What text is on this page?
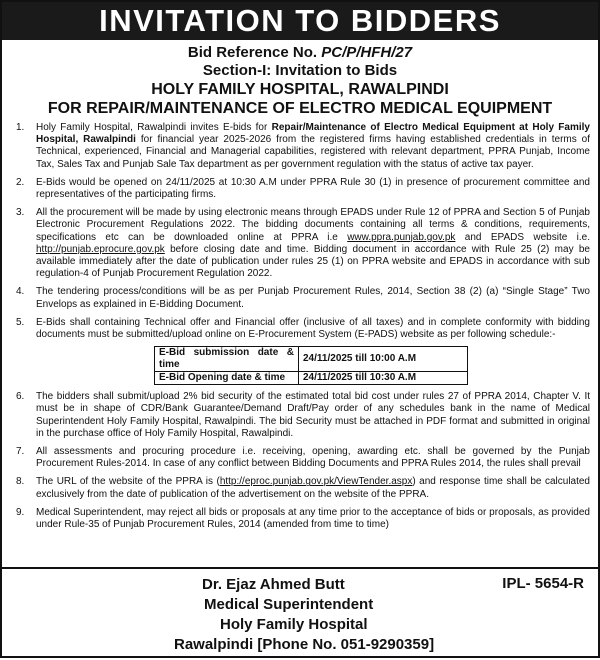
INVITATION TO BIDDERS
Bid Reference No. PC/P/HFH/27
Section-I: Invitation to Bids
HOLY FAMILY HOSPITAL, RAWALPINDI
FOR REPAIR/MAINTENANCE OF ELECTRO MEDICAL EQUIPMENT
1.	Holy Family Hospital, Rawalpindi invites E-bids for Repair/Maintenance of Electro Medical Equipment at Holy Family Hospital, Rawalpindi for financial year 2025-2026 from the registered firms having established credentials in terms of Technical, experienced, Financial and Managerial capabilities, registered with relevant department, PPRA Punjab, Income Tax, Sales Tax and Punjab Sale Tax department as per government regulation with the status of active tax payer.
2.	E-Bids would be opened on 24/11/2025 at 10:30 A.M under PPRA Rule 30 (1) in presence of procurement committee and representatives of the participating firms.
3.	All the procurement will be made by using electronic means through EPADS under Rule 12 of PPRA and Section 5 of Punjab Electronic Procurement Regulations 2022. The bidding documents containing all terms & conditions, requirements, specifications etc can be downloaded online at PPRA i.e www.ppra.punjab.gov.pk and EPADS website i.e. http://punjab.eprocure.gov.pk before closing date and time. Bidding document in accordance with Rule 25 (2) may be available immediately after the date of publication under rules 25 (1) on PPRA website and EPADS in accordance with sub regulation-4 of Punjab Procurement Regulation 2022.
4.	The tendering process/conditions will be as per Punjab Procurement Rules, 2014, Section 38 (2) (a) “Single Stage” Two Envelops as explained in E-Bidding Document.
5.	E-Bids shall containing Technical offer and Financial offer (inclusive of all taxes) and in complete conformity with bidding documents must be submitted/upload online on E-Procurement System (E-PADS) website as per following schedule:-
E-Bid submission date & time	24/11/2025 till 10:00 A.M
E-Bid Opening date & time	24/11/2025 till 10:30 A.M
6.	The bidders shall submit/upload 2% bid security of the estimated total bid cost under rules 27 of PPRA 2014, Chapter V. It must be in shape of CDR/Bank Guarantee/Demand Draft/Pay order of any schedules bank in the name of Medical Superintendent Holy Family Hospital, Rawalpindi. The bid Security must be attached in PDF format and submitted in original in the purchase office of Holy Family Hospital, Rawalpindi.
7.	All assessments and procuring procedure i.e. receiving, opening, awarding etc. shall be governed by the Punjab Procurement Rules-2014. In case of any conflict between Bidding Documents and PPRA Rules 2014, the rules shall prevail
8.	The URL of the website of the PPRA is (http://eproc.punjab.gov.pk/ViewTender.aspx) and response time shall be calculated exclusively from the date of publication of the advertisement on the website of the PPRA.
9.	Medical Superintendent, may reject all bids or proposals at any time prior to the acceptance of bids or proposals, as provided under Rule-35 of Punjab Procurement Rules, 2014 (amended from time to time)
Dr. Ejaz Ahmed Butt
Medical Superintendent
Holy Family Hospital
Rawalpindi [Phone No. 051-9290359]
IPL- 5654-R
